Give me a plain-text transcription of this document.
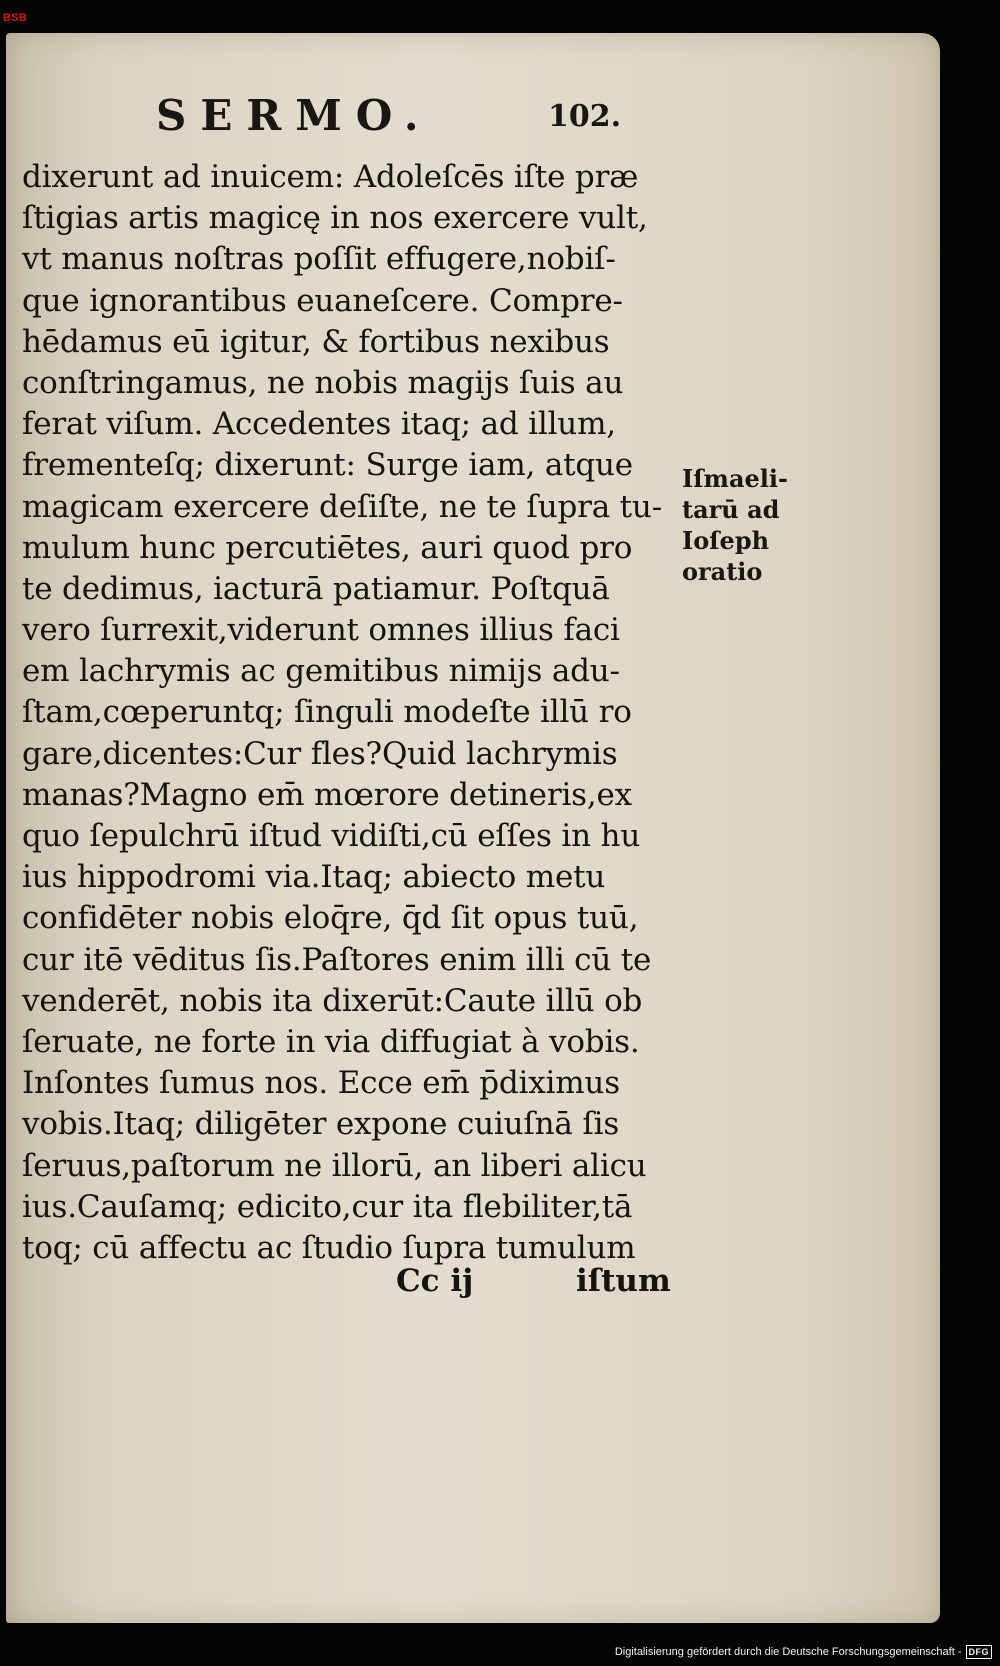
BSB
SERMO.	102.
dixerunt ad inuicem: Adoleſcēs iſte præ
ſtigias artis magicę in nos exercere vult,
vt manus noſtras poſſit effugere,nobiſ-
que ignorantibus euaneſcere. Compre-
hēdamus eū igitur, & fortibus nexibus
conſtringamus, ne nobis magijs ſuis au
ferat viſum. Accedentes itaq; ad illum,
frementeſq; dixerunt: Surge iam, atque
magicam exercere deſiſte, ne te ſupra tu-
mulum hunc percutiētes, auri quod pro
te dedimus, iacturā patiamur. Poſtquā
vero ſurrexit,viderunt omnes illius faci
em lachrymis ac gemitibus nimijs adu-
ſtam,cœperuntq; ſinguli modeſte illū ro
gare,dicentes:Cur fles?Quid lachrymis
manas?Magno em̄ mœrore detineris,ex
quo ſepulchrū iſtud vidiſti,cū eſſes in hu
ius hippodromi via.Itaq; abiecto metu
confidēter nobis eloq̄re, q̄d ſit opus tuū,
cur itē vēditus ſis.Paſtores enim illi cū te
venderēt, nobis ita dixerūt:Caute illū ob
ſeruate, ne forte in via diffugiat à vobis.
Inſontes ſumus nos. Ecce em̄ p̄diximus
vobis.Itaq; diligēter expone cuiuſnā ſis
ſeruus,paſtorum ne illorū, an liberi alicu
ius.Cauſamq; edicito,cur ita flebiliter,tā
toq; cū affectu ac ſtudio ſupra tumulum
Cc ij	iſtum
Iſmaeli-
tarū ad
Ioſeph
oratio
Digitalisierung gefördert durch die Deutsche Forschungsgemeinschaft - DFG
